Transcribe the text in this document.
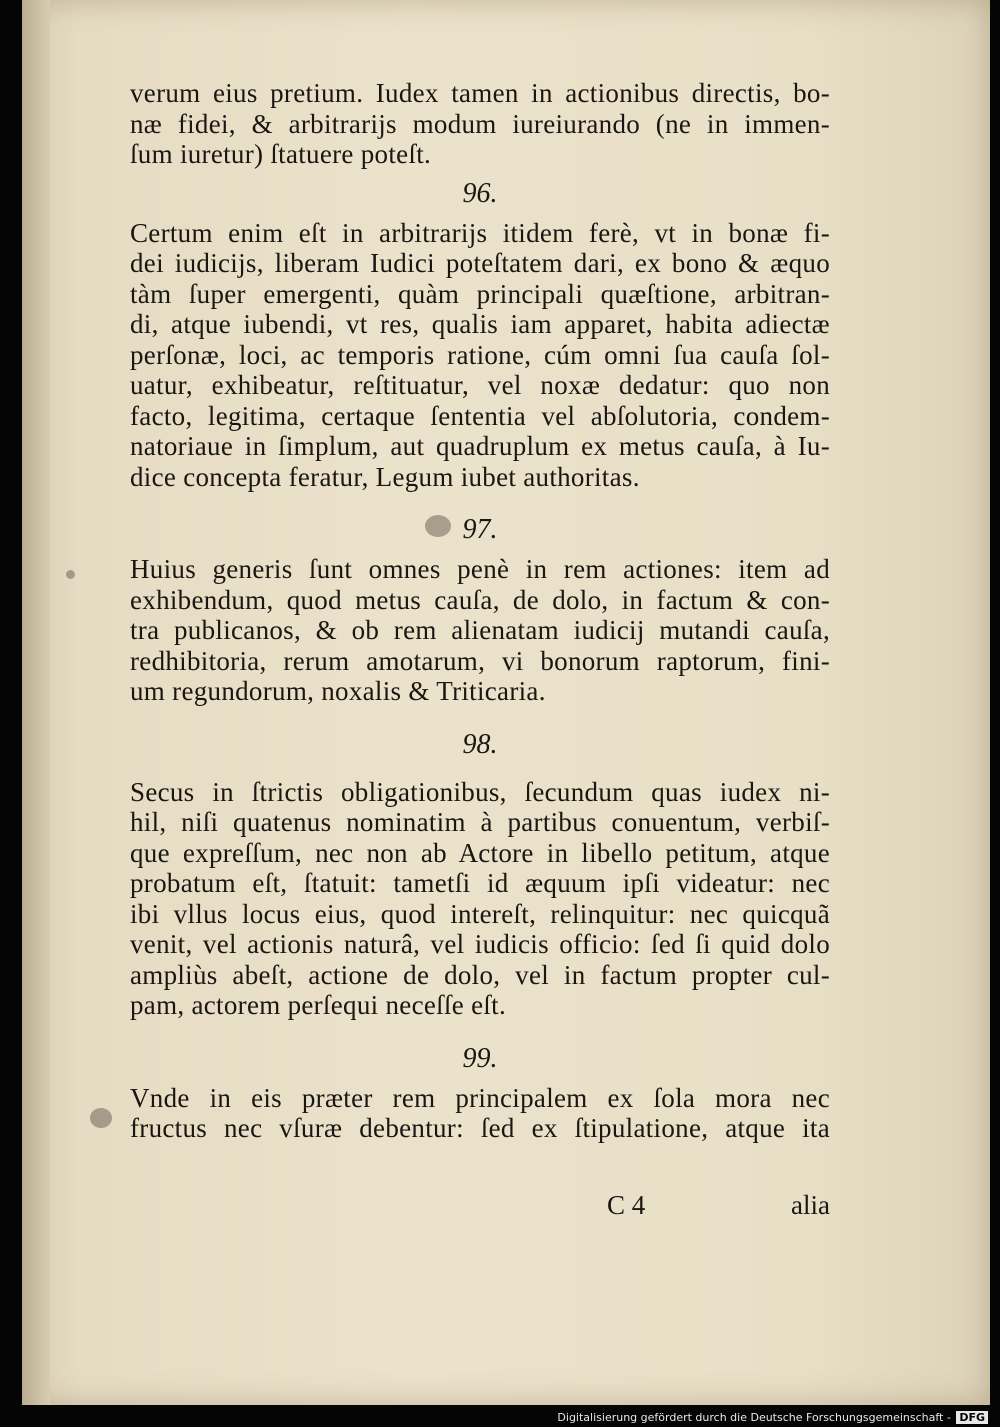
verum eius pretium. Iudex tamen in actionibus directis, bo-
næ fidei, & arbitrarijs modum iureiurando (ne in immen-
ſum iuretur) ſtatuere poteſt.
96.
Certum enim eſt in arbitrarijs itidem ferè, vt in bonæ fi-
dei iudicijs, liberam Iudici poteſtatem dari, ex bono & æquo
tàm ſuper emergenti, quàm principali quæſtione, arbitran-
di, atque iubendi, vt res, qualis iam apparet, habita adiectæ
perſonæ, loci, ac temporis ratione, cúm omni ſua cauſa ſol-
uatur, exhibeatur, reſtituatur, vel noxæ dedatur: quo non
facto, legitima, certaque ſententia vel abſolutoria, condem-
natoriaue in ſimplum, aut quadruplum ex metus cauſa, à Iu-
dice concepta feratur, Legum iubet authoritas.
97.
Huius generis ſunt omnes penè in rem actiones: item ad
exhibendum, quod metus cauſa, de dolo, in factum & con-
tra publicanos, & ob rem alienatam iudicij mutandi cauſa,
redhibitoria, rerum amotarum, vi bonorum raptorum, fini-
um regundorum, noxalis & Triticaria.
98.
Secus in ſtrictis obligationibus, ſecundum quas iudex ni-
hil, niſi quatenus nominatim à partibus conuentum, verbiſ-
que expreſſum, nec non ab Actore in libello petitum, atque
probatum eſt, ſtatuit: tametſi id æquum ipſi videatur: nec
ibi vllus locus eius, quod intereſt, relinquitur: nec quicquã
venit, vel actionis naturâ, vel iudicis officio: ſed ſi quid dolo
ampliùs abeſt, actione de dolo, vel in factum propter cul-
pam, actorem perſequi neceſſe eſt.
99.
Vnde in eis præter rem principalem ex ſola mora nec
fructus nec vſuræ debentur: ſed ex ſtipulatione, atque ita
C 4	alia
Digitalisierung gefördert durch die Deutsche Forschungsgemeinschaft - DFG
